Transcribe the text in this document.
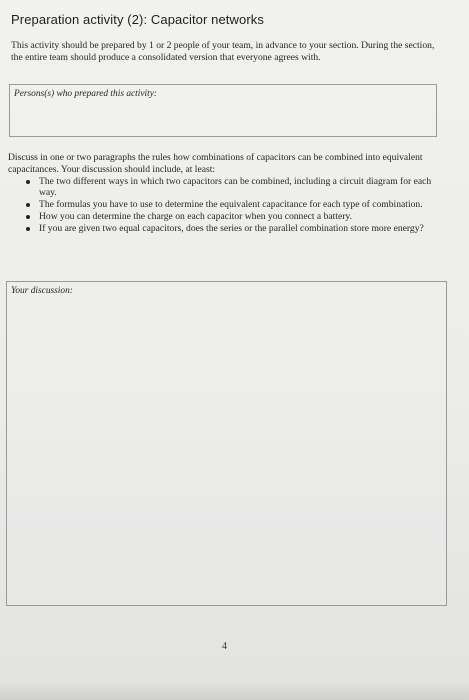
Preparation activity (2): Capacitor networks
This activity should be prepared by 1 or 2 people of your team, in advance to your section. During the section, the entire team should produce a consolidated version that everyone agrees with.
Persons(s) who prepared this activity:
Discuss in one or two paragraphs the rules how combinations of capacitors can be combined into equivalent capacitances. Your discussion should include, at least:
The two different ways in which two capacitors can be combined, including a circuit diagram for each way.
The formulas you have to use to determine the equivalent capacitance for each type of combination.
How you can determine the charge on each capacitor when you connect a battery.
If you are given two equal capacitors, does the series or the parallel combination store more energy?
Your discussion:
4
